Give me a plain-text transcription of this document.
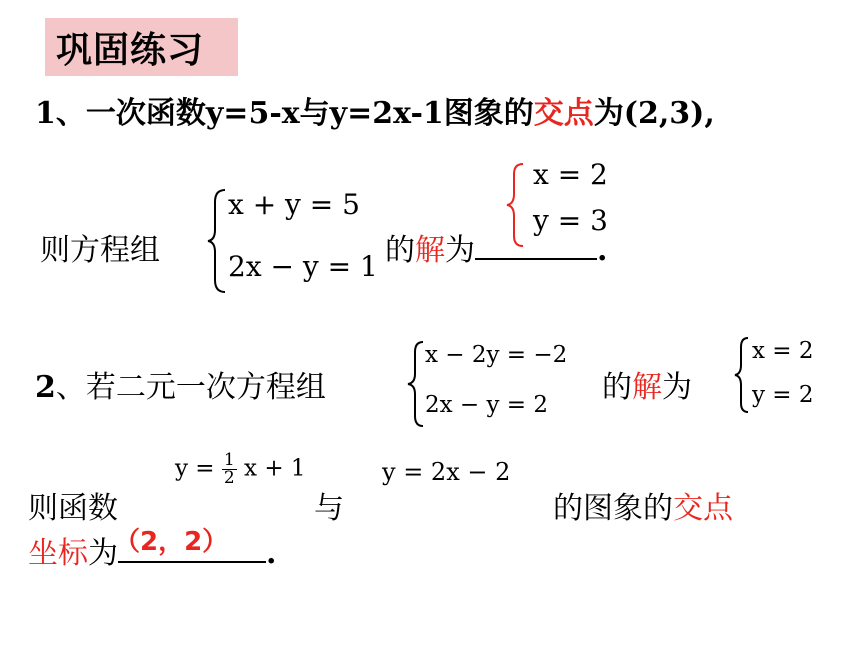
巩固练习
1、一次函数y=5-x与y=2x-1图象的交点为(2,3),
则方程组
x + y = 5
2x − y = 1 的解为	.
x = 2
y = 3
2、若二元一次方程组
x − 2y = −2
2x − y = 2 的解为
x = 2
y = 2
则函数
$y = \frac{1}{2}$ x + 1
与
y = 2x − 2
的图象的交点
坐标为
（2，2） .
